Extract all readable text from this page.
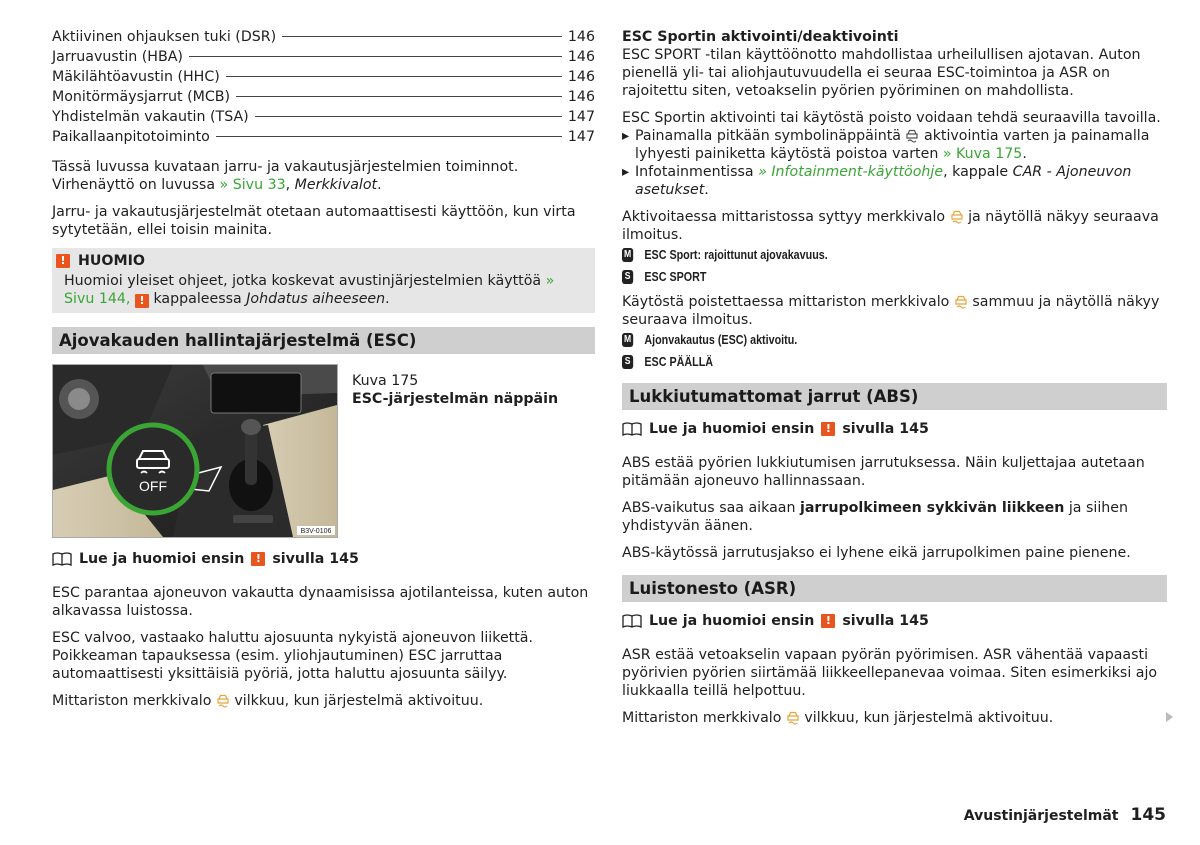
Aktiivinen ohjauksen tuki (DSR)	146
Jarruavustin (HBA)	146
Mäkilähtöavustin (HHC)	146
Monitörmäysjarrut (MCB)	146
Yhdistelmän vakautin (TSA)	147
Paikallaanpitotoiminto	147

Tässä luvussa kuvataan jarru- ja vakautusjärjestelmien toiminnot. Virhenäyttö on luvussa » Sivu 33, Merkkivalot.

Jarru- ja vakautusjärjestelmät otetaan automaattisesti käyttöön, kun virta sytytetään, ellei toisin mainita.

! HUOMIO
Huomioi yleiset ohjeet, jotka koskevat avustinjärjestelmien käyttöä » Sivu 144, ! kappaleessa Johdatus aiheeseen.
Ajovakauden hallintajärjestelmä (ESC)
OFF
B3V-0106
Kuva 175
ESC-järjestelmän näppäin
Lue ja huomioi ensin	! sivulla 145

ESC parantaa ajoneuvon vakautta dynaamisissa ajotilanteissa, kuten auton alkavassa luistossa.

ESC valvoo, vastaako haluttu ajosuunta nykyistä ajoneuvon liikettä. Poikkeaman tapauksessa (esim. yliohjautuminen) ESC jarruttaa automaattisesti yksittäisiä pyöriä, jotta haluttu ajosuunta säilyy.

Mittariston merkkivalo  vilkkuu, kun järjestelmä aktivoituu.

ESC Sportin aktivointi/deaktivointi

ESC SPORT -tilan käyttöönotto mahdollistaa urheilullisen ajotavan. Auton pienellä yli- tai aliohjautuvuudella ei seuraa ESC-toimintoa ja ASR on rajoitettu siten, vetoakselin pyörien pyöriminen on mahdollista.

ESC Sportin aktivointi tai käytöstä poisto voidaan tehdä seuraavilla tavoilla.

▸ Painamalla pitkään symbolinäppäintä  aktivointia varten ja painamalla lyhyesti painiketta käytöstä poistoa varten » Kuva 175.
▸ Infotainmentissa » Infotainment-käyttöohje, kappale CAR - Ajoneuvon asetukset.

Aktivoitaessa mittaristossa syttyy merkkivalo  ja näytöllä näkyy seuraava ilmoitus.

M ESC Sport: rajoittunut ajovakavuus.
S ESC SPORT

Käytöstä poistettaessa mittariston merkkivalo  sammuu ja näytöllä näkyy seuraava ilmoitus.

M Ajonvakautus (ESC) aktivoitu.
S ESC PÄÄLLÄ
Lukkiutumattomat jarrut (ABS)
Lue ja huomioi ensin	! sivulla 145

ABS estää pyörien lukkiutumisen jarrutuksessa. Näin kuljettajaa autetaan pitämään ajoneuvo hallinnassaan.

ABS-vaikutus saa aikaan jarrupolkimeen sykkivän liikkeen ja siihen yhdistyvän äänen.

ABS-käytössä jarrutusjakso ei lyhene eikä jarrupolkimen paine pienene.

Luistonesto (ASR)
Lue ja huomioi ensin	! sivulla 145

ASR estää vetoakselin vapaan pyörän pyörimisen. ASR vähentää vapaasti pyörivien pyörien siirtämää liikkeellepanevaa voimaa. Siten esimerkiksi ajo liukkaalla teillä helpottuu.

Mittariston merkkivalo  vilkkuu, kun järjestelmä aktivoituu.

Avustinjärjestelmät 145
